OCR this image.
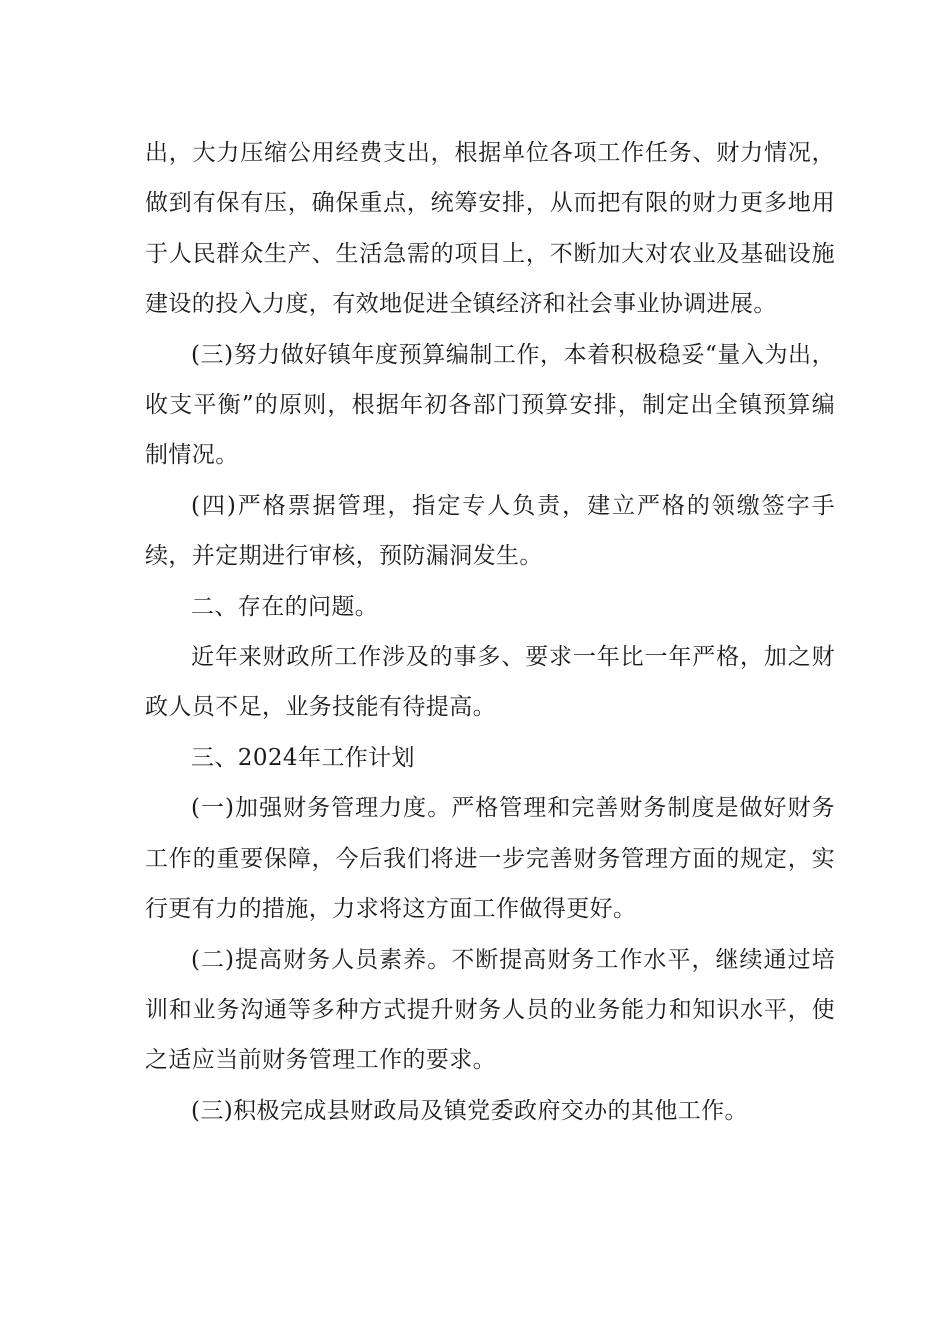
出，大力压缩公用经费支出，根据单位各项工作任务、财力情况，做到有保有压，确保重点，统筹安排，从而把有限的财力更多地用于人民群众生产、生活急需的项目上，不断加大对农业及基础设施建设的投入力度，有效地促进全镇经济和社会事业协调进展。

(三)努力做好镇年度预算编制工作，本着积极稳妥“量入为出，收支平衡”的原则，根据年初各部门预算安排，制定出全镇预算编制情况。

(四)严格票据管理，指定专人负责，建立严格的领缴签字手续，并定期进行审核，预防漏洞发生。

二、存在的问题。

近年来财政所工作涉及的事多、要求一年比一年严格，加之财政人员不足，业务技能有待提高。

三、2024年工作计划

(一)加强财务管理力度。严格管理和完善财务制度是做好财务工作的重要保障，今后我们将进一步完善财务管理方面的规定，实行更有力的措施，力求将这方面工作做得更好。

(二)提高财务人员素养。不断提高财务工作水平，继续通过培训和业务沟通等多种方式提升财务人员的业务能力和知识水平，使之适应当前财务管理工作的要求。

(三)积极完成县财政局及镇党委政府交办的其他工作。
